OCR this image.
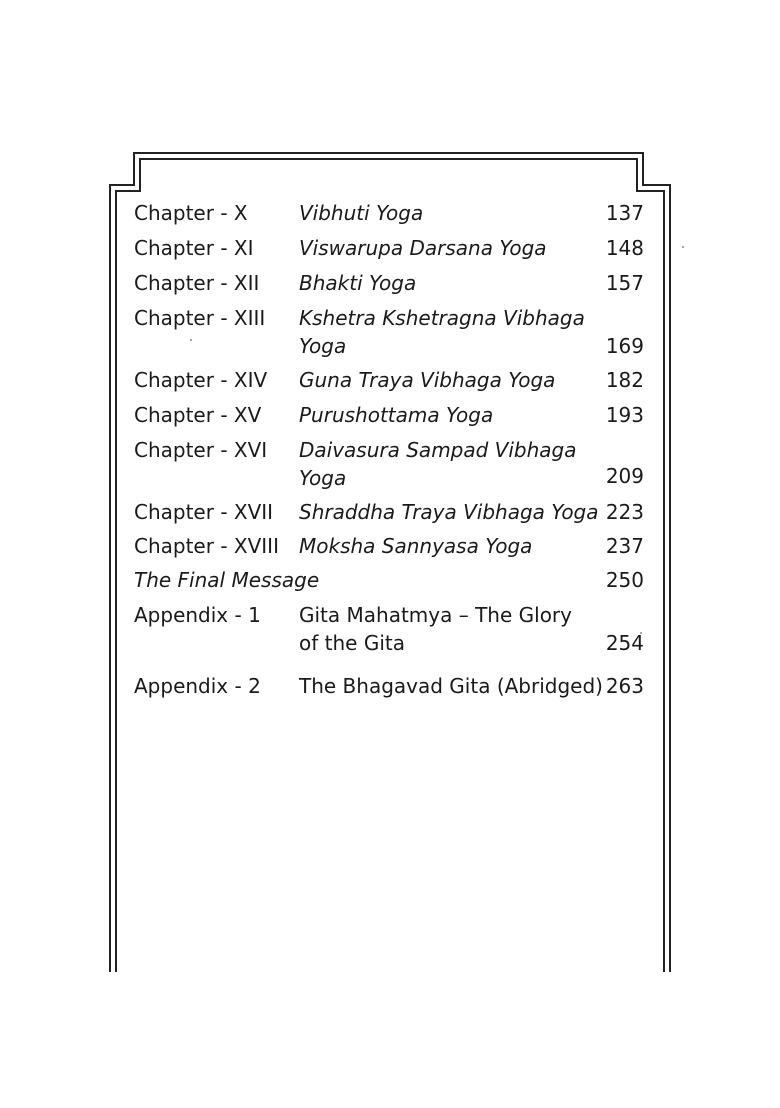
Chapter - X	Vibhuti Yoga	137
Chapter - XI Viswarupa Darsana Yoga	148
Chapter - XII Bhakti Yoga	157
Chapter - XIII Kshetra Kshetragna Vibhaga
Yoga	169
Chapter - XIV Guna Traya Vibhaga Yoga	182
Chapter - XV Purushottama Yoga	193
Chapter - XVI Daivasura Sampad Vibhaga
Yoga	209
Chapter - XVII Shraddha Traya Vibhaga Yoga 223
Chapter - XVIII Moksha Sannyasa Yoga	237
The Final Message	250
Appendix - 1 Gita Mahatmya – The Glory
of the Gita	254
Appendix - 2 The Bhagavad Gita (Abridged) 263
